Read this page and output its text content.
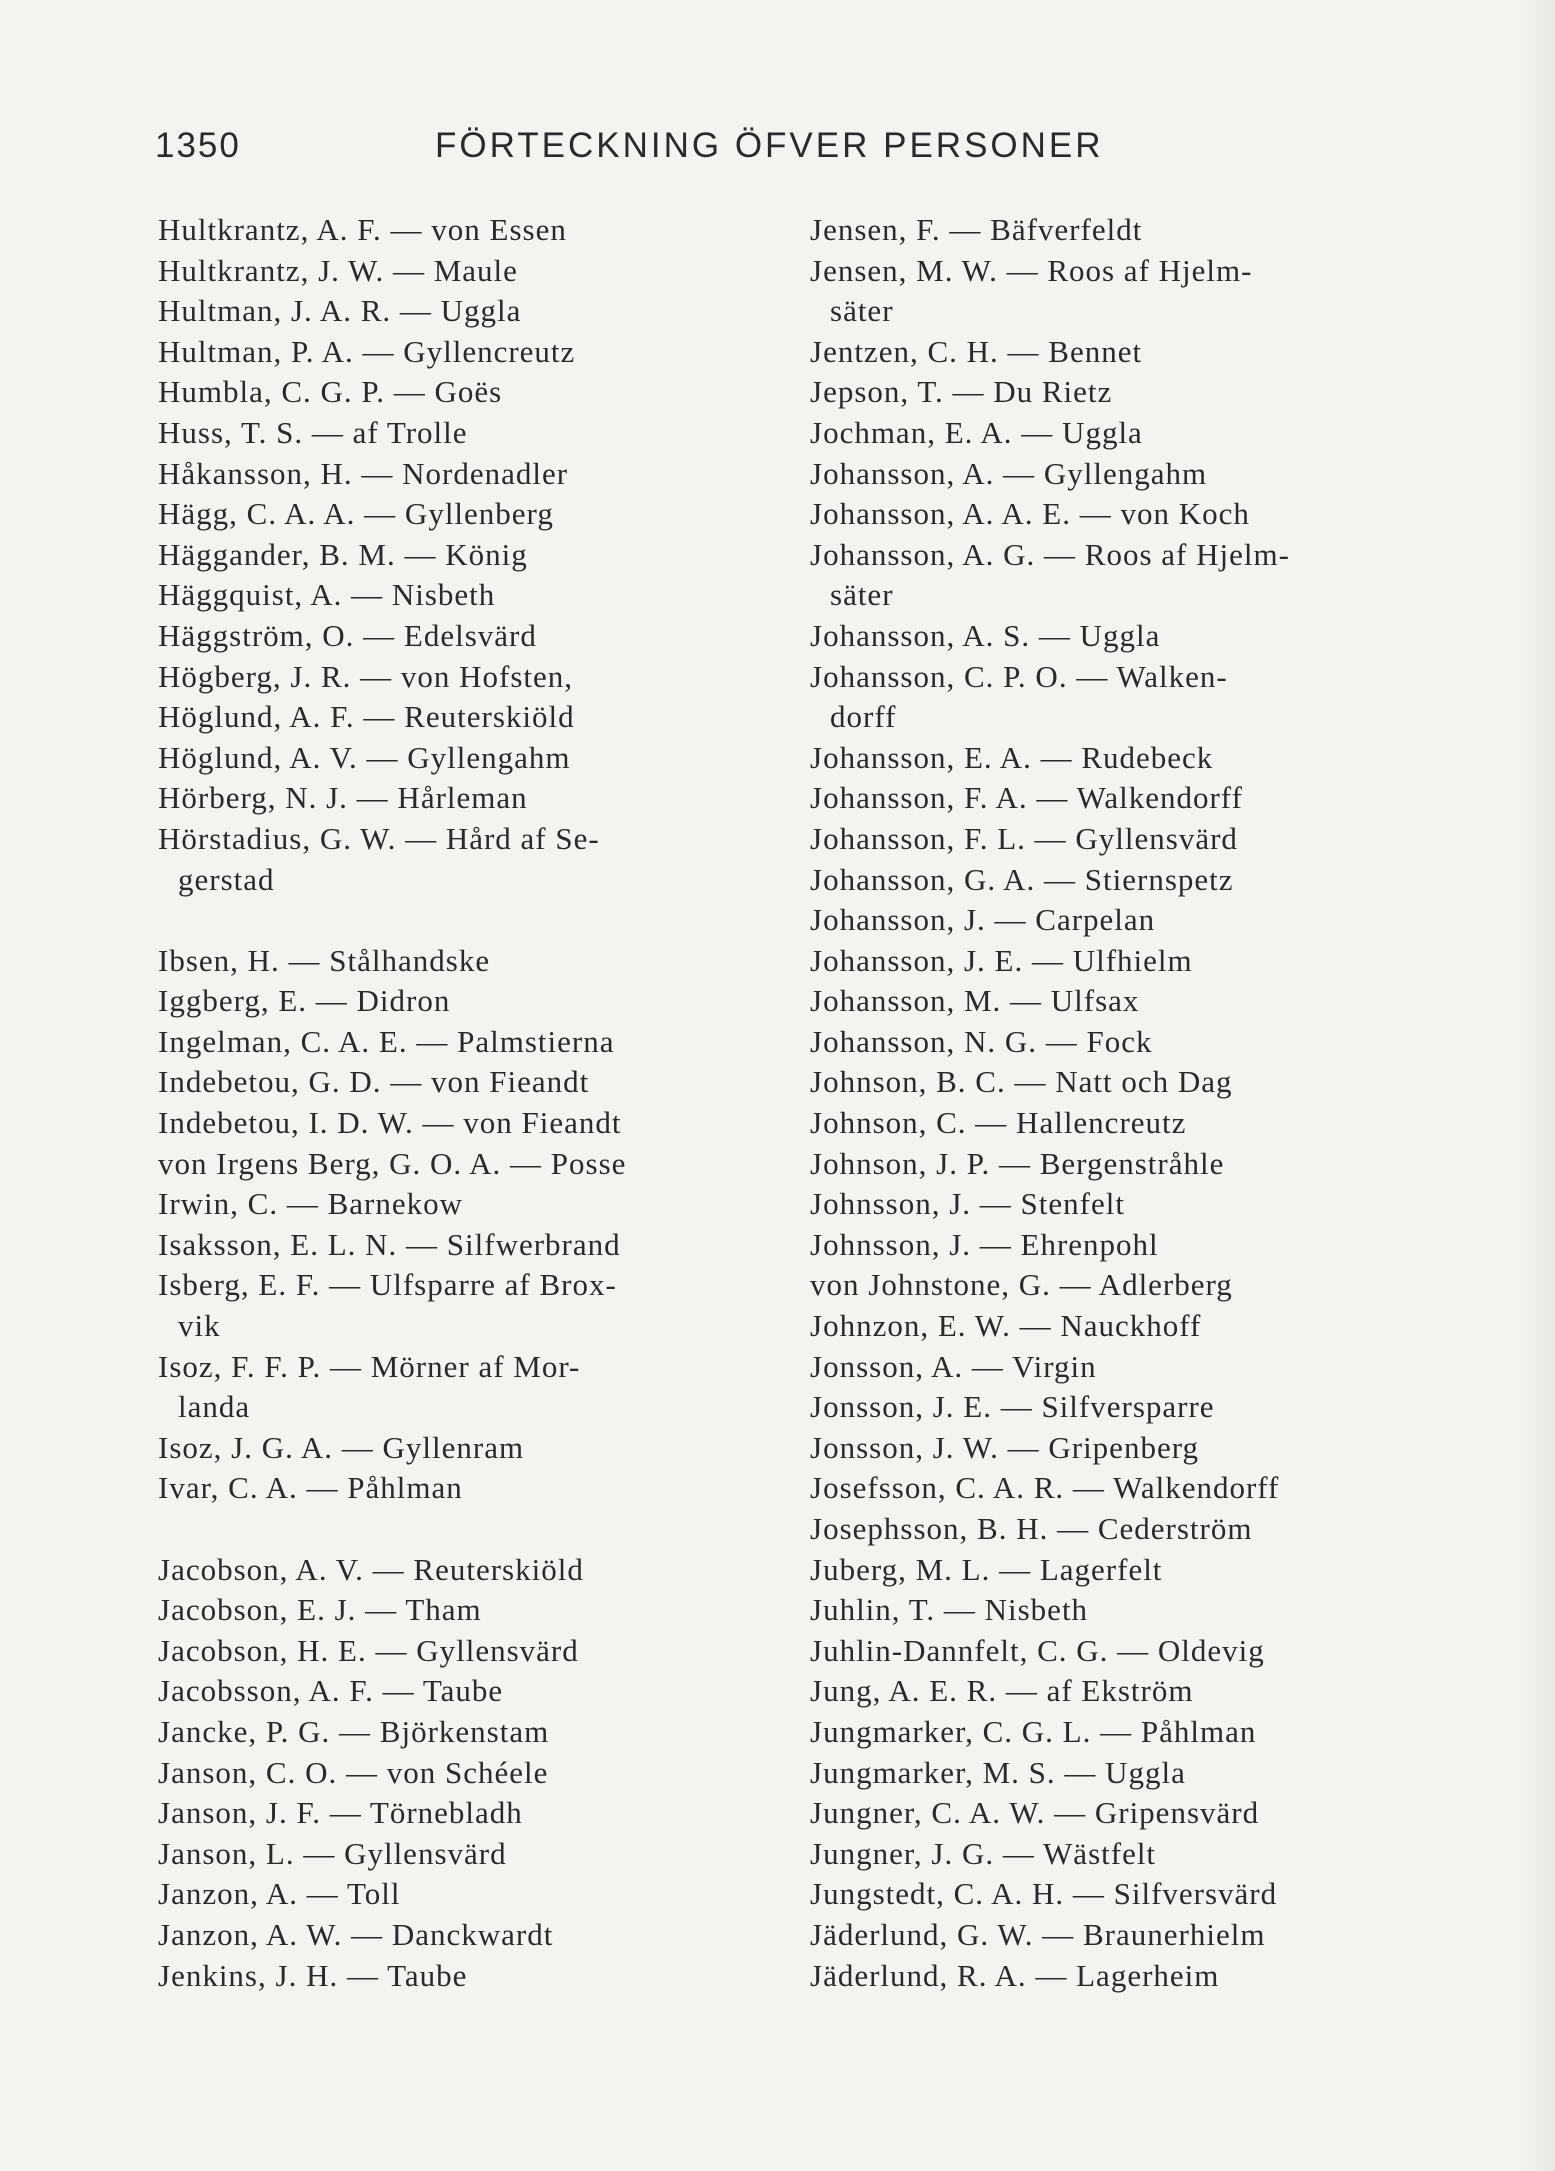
1350	FÖRTECKNING ÖFVER PERSONER
Hultkrantz, A. F. — von Essen
Hultkrantz, J. W. — Maule
Hultman, J. A. R. — Uggla
Hultman, P. A. — Gyllencreutz
Humbla, C. G. P. — Goës
Huss, T. S. — af Trolle
Håkansson, H. — Nordenadler
Hägg, C. A. A. — Gyllenberg
Häggander, B. M. — König
Häggquist, A. — Nisbeth
Häggström, O. — Edelsvärd
Högberg, J. R. — von Hofsten,
Höglund, A. F. — Reuterskiöld
Höglund, A. V. — Gyllengahm
Hörberg, N. J. — Hårleman
Hörstadius, G. W. — Hård af Se-
gerstad
Ibsen, H. — Stålhandske
Iggberg, E. — Didron
Ingelman, C. A. E. — Palmstierna
Indebetou, G. D. — von Fieandt
Indebetou, I. D. W. — von Fieandt
von Irgens Berg, G. O. A. — Posse
Irwin, C. — Barnekow
Isaksson, E. L. N. — Silfwerbrand
Isberg, E. F. — Ulfsparre af Brox-
vik
Isoz, F. F. P. — Mörner af Mor-
landa
Isoz, J. G. A. — Gyllenram
Ivar, C. A. — Påhlman
Jacobson, A. V. — Reuterskiöld
Jacobson, E. J. — Tham
Jacobson, H. E. — Gyllensvärd
Jacobsson, A. F. — Taube
Jancke, P. G. — Björkenstam
Janson, C. O. — von Schéele
Janson, J. F. — Törnebladh
Janson, L. — Gyllensvärd
Janzon, A. — Toll
Janzon, A. W. — Danckwardt
Jenkins, J. H. — Taube
Jensen, F. — Bäfverfeldt
Jensen, M. W. — Roos af Hjelm-
säter
Jentzen, C. H. — Bennet
Jepson, T. — Du Rietz
Jochman, E. A. — Uggla
Johansson, A. — Gyllengahm
Johansson, A. A. E. — von Koch
Johansson, A. G. — Roos af Hjelm-
säter
Johansson, A. S. — Uggla
Johansson, C. P. O. — Walken-
dorff
Johansson, E. A. — Rudebeck
Johansson, F. A. — Walkendorff
Johansson, F. L. — Gyllensvärd
Johansson, G. A. — Stiernspetz
Johansson, J. — Carpelan
Johansson, J. E. — Ulfhielm
Johansson, M. — Ulfsax
Johansson, N. G. — Fock
Johnson, B. C. — Natt och Dag
Johnson, C. — Hallencreutz
Johnson, J. P. — Bergenstråhle
Johnsson, J. — Stenfelt
Johnsson, J. — Ehrenpohl
von Johnstone, G. — Adlerberg
Johnzon, E. W. — Nauckhoff
Jonsson, A. — Virgin
Jonsson, J. E. — Silfversparre
Jonsson, J. W. — Gripenberg
Josefsson, C. A. R. — Walkendorff
Josephsson, B. H. — Cederström
Juberg, M. L. — Lagerfelt
Juhlin, T. — Nisbeth
Juhlin-Dannfelt, C. G. — Oldevig
Jung, A. E. R. — af Ekström
Jungmarker, C. G. L. — Påhlman
Jungmarker, M. S. — Uggla
Jungner, C. A. W. — Gripensvärd
Jungner, J. G. — Wästfelt
Jungstedt, C. A. H. — Silfversvärd
Jäderlund, G. W. — Braunerhielm
Jäderlund, R. A. — Lagerheim
